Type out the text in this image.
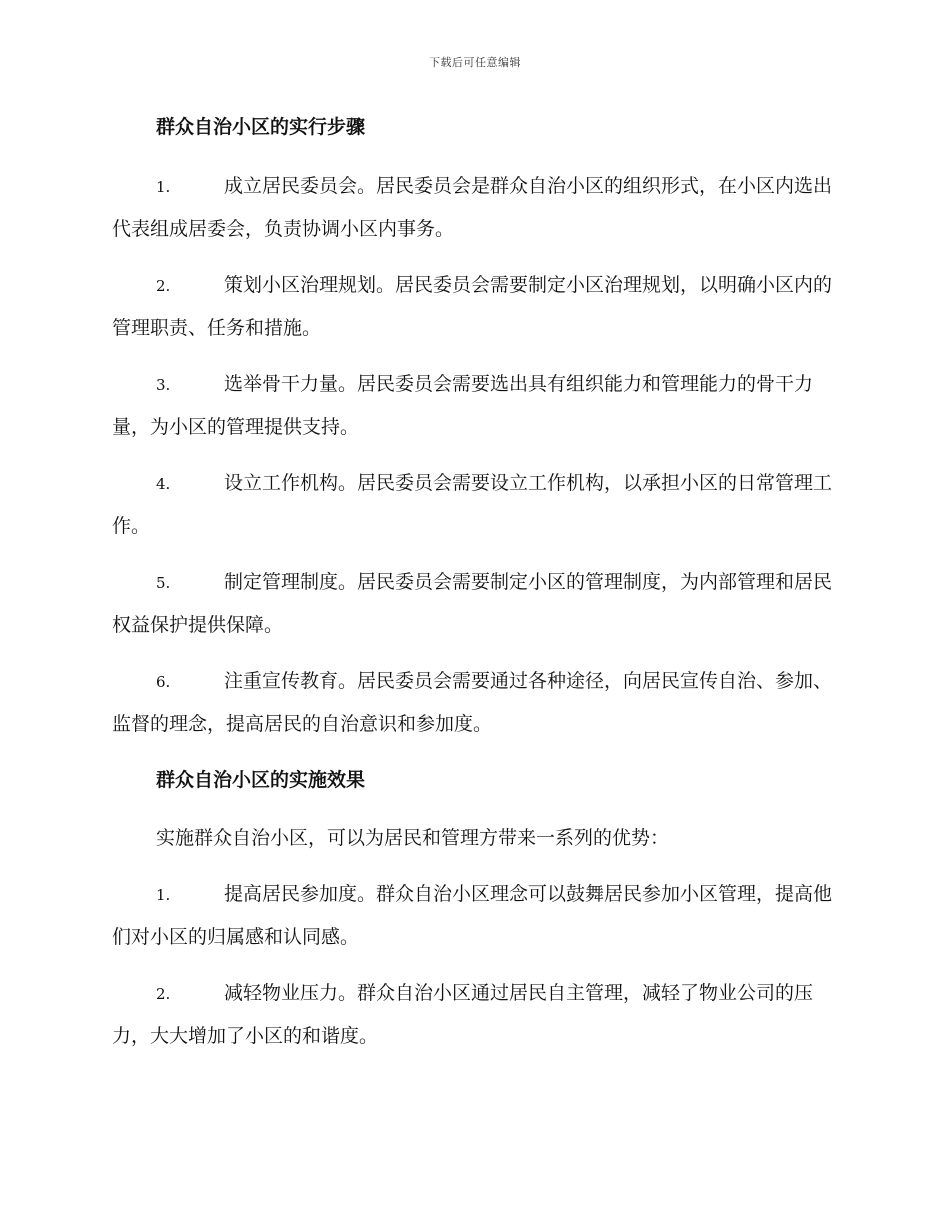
下载后可任意编辑
群众自治小区的实行步骤
1.	成立居民委员会。居民委员会是群众自治小区的组织形式，在小区内选出代表组成居委会，负责协调小区内事务。
2.	策划小区治理规划。居民委员会需要制定小区治理规划，以明确小区内的管理职责、任务和措施。
3.	选举骨干力量。居民委员会需要选出具有组织能力和管理能力的骨干力量，为小区的管理提供支持。
4.	设立工作机构。居民委员会需要设立工作机构，以承担小区的日常管理工作。
5.	制定管理制度。居民委员会需要制定小区的管理制度，为内部管理和居民权益保护提供保障。
6.	注重宣传教育。居民委员会需要通过各种途径，向居民宣传自治、参加、监督的理念，提高居民的自治意识和参加度。
群众自治小区的实施效果
实施群众自治小区，可以为居民和管理方带来一系列的优势：
1.	提高居民参加度。群众自治小区理念可以鼓舞居民参加小区管理，提高他们对小区的归属感和认同感。
2.	减轻物业压力。群众自治小区通过居民自主管理，减轻了物业公司的压力，大大增加了小区的和谐度。
